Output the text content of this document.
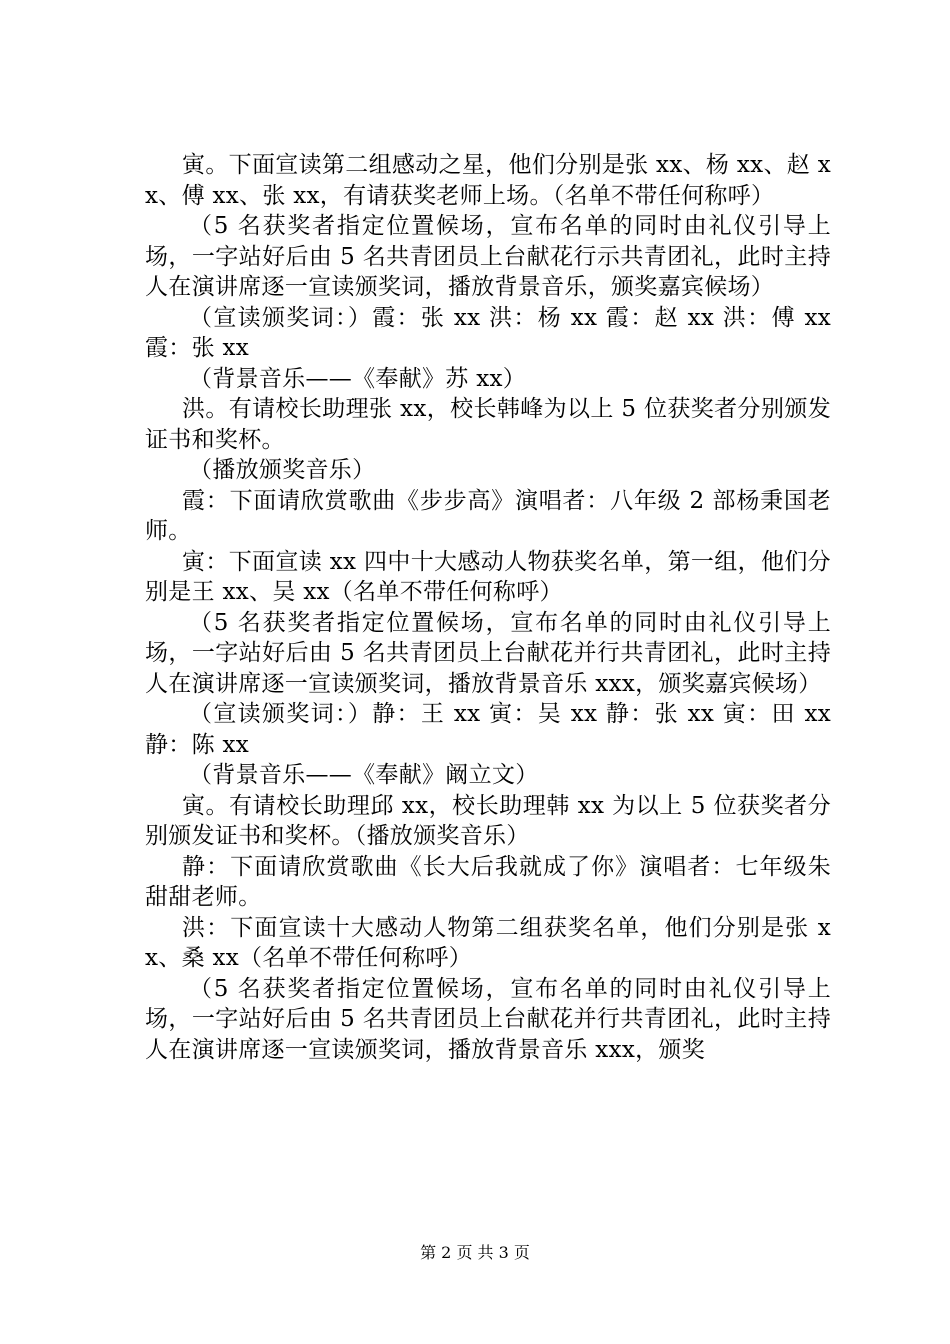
寅。下面宣读第二组感动之星，他们分别是张 xx、杨 xx、赵 xx、傅 xx、张 xx，有请获奖老师上场。（名单不带任何称呼）

（5 名获奖者指定位置候场，宣布名单的同时由礼仪引导上场，一字站好后由 5 名共青团员上台献花行示共青团礼，此时主持人在演讲席逐一宣读颁奖词，播放背景音乐，颁奖嘉宾候场）

（宣读颁奖词：）霞：张 xx 洪：杨 xx 霞：赵 xx 洪：傅 xx 霞：张 xx

（背景音乐——《奉献》苏 xx）

洪。有请校长助理张 xx，校长韩峰为以上 5 位获奖者分别颁发证书和奖杯。

（播放颁奖音乐）

霞：下面请欣赏歌曲《步步高》演唱者：八年级 2 部杨秉国老师。

寅：下面宣读 xx 四中十大感动人物获奖名单，第一组，他们分别是王 xx、吴 xx（名单不带任何称呼）

（5 名获奖者指定位置候场，宣布名单的同时由礼仪引导上场，一字站好后由 5 名共青团员上台献花并行共青团礼，此时主持人在演讲席逐一宣读颁奖词，播放背景音乐 xxx，颁奖嘉宾候场）

（宣读颁奖词：）静：王 xx 寅：吴 xx 静：张 xx 寅：田 xx 静：陈 xx

（背景音乐——《奉献》阚立文）

寅。有请校长助理邱 xx，校长助理韩 xx 为以上 5 位获奖者分别颁发证书和奖杯。（播放颁奖音乐）

静：下面请欣赏歌曲《长大后我就成了你》演唱者：七年级朱甜甜老师。

洪：下面宣读十大感动人物第二组获奖名单，他们分别是张 xx、桑 xx（名单不带任何称呼）

（5 名获奖者指定位置候场，宣布名单的同时由礼仪引导上场，一字站好后由 5 名共青团员上台献花并行共青团礼，此时主持人在演讲席逐一宣读颁奖词，播放背景音乐 xxx，颁奖

第 2 页 共 3 页
